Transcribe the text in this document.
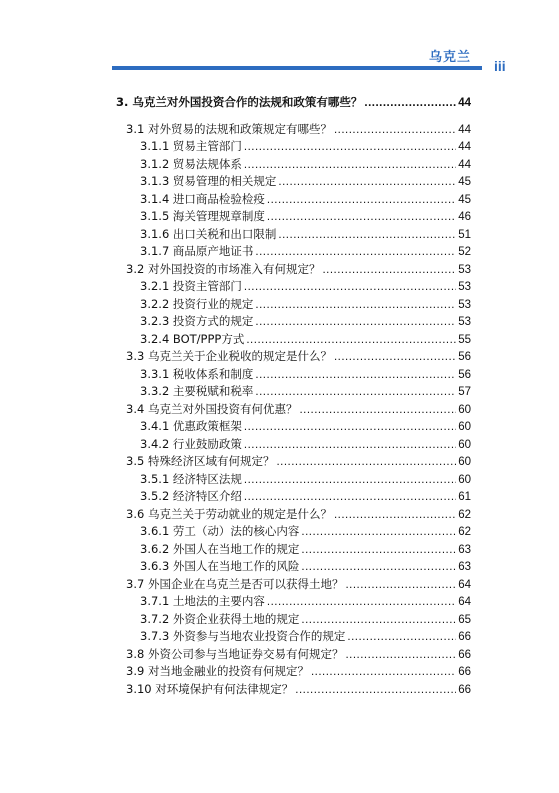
乌克兰
iii
3. 乌克兰对外国投资合作的法规和政策有哪些？ .....	44
3.1 对外贸易的法规和政策规定有哪些？ .....	44
3.1.1 贸易主管部门 .....	44
3.1.2 贸易法规体系 .....	44
3.1.3 贸易管理的相关规定 .....	45
3.1.4 进口商品检验检疫 .....	45
3.1.5 海关管理规章制度 .....	46
3.1.6 出口关税和出口限制 .....	51
3.1.7 商品原产地证书 .....	52
3.2 对外国投资的市场准入有何规定？ .....	53
3.2.1 投资主管部门 .....	53
3.2.2 投资行业的规定 .....	53
3.2.3 投资方式的规定 .....	53
3.2.4 BOT/PPP方式 .....	55
3.3 乌克兰关于企业税收的规定是什么？ .....	56
3.3.1 税收体系和制度 .....	56
3.3.2 主要税赋和税率 .....	57
3.4 乌克兰对外国投资有何优惠？ .....	60
3.4.1 优惠政策框架 .....	60
3.4.2 行业鼓励政策 .....	60
3.5 特殊经济区域有何规定？ .....	60
3.5.1 经济特区法规 .....	60
3.5.2 经济特区介绍 .....	61
3.6 乌克兰关于劳动就业的规定是什么？ .....	62
3.6.1 劳工（动）法的核心内容 .....	62
3.6.2 外国人在当地工作的规定 .....	63
3.6.3 外国人在当地工作的风险 .....	63
3.7 外国企业在乌克兰是否可以获得土地？ .....	64
3.7.1 土地法的主要内容 .....	64
3.7.2 外资企业获得土地的规定 .....	65
3.7.3 外资参与当地农业投资合作的规定 .....	66
3.8 外资公司参与当地证券交易有何规定？ .....	66
3.9 对当地金融业的投资有何规定？ .....	66
3.10 对环境保护有何法律规定？ .....	66
